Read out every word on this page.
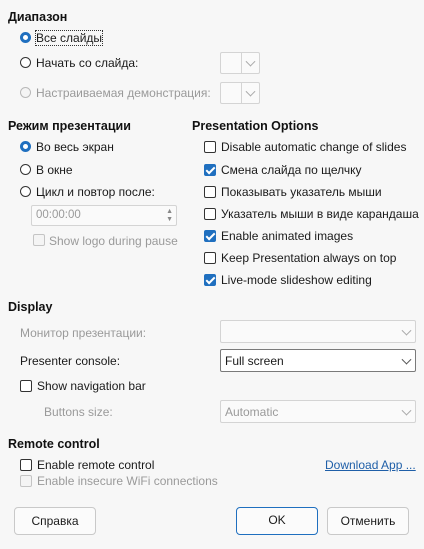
Диапазон
Все слайды
Начать со слайда:
Настраиваемая демонстрация:
Режим презентации
Во весь экран
В окне
Цикл и повтор после:
00:00:00	▲
▼
Show logo during pause
Presentation Options
Disable automatic change of slides
Смена слайда по щелчку
Показывать указатель мыши
Указатель мыши в виде карандаша
Enable animated images
Keep Presentation always on top
Live-mode slideshow editing
Display
Монитор презентации:
Presenter console:	Full screen
Show navigation bar
Buttons size:	Automatic
Remote control
Enable remote control	Download App ...
Enable insecure WiFi connections
Справка	OK	Отменить
